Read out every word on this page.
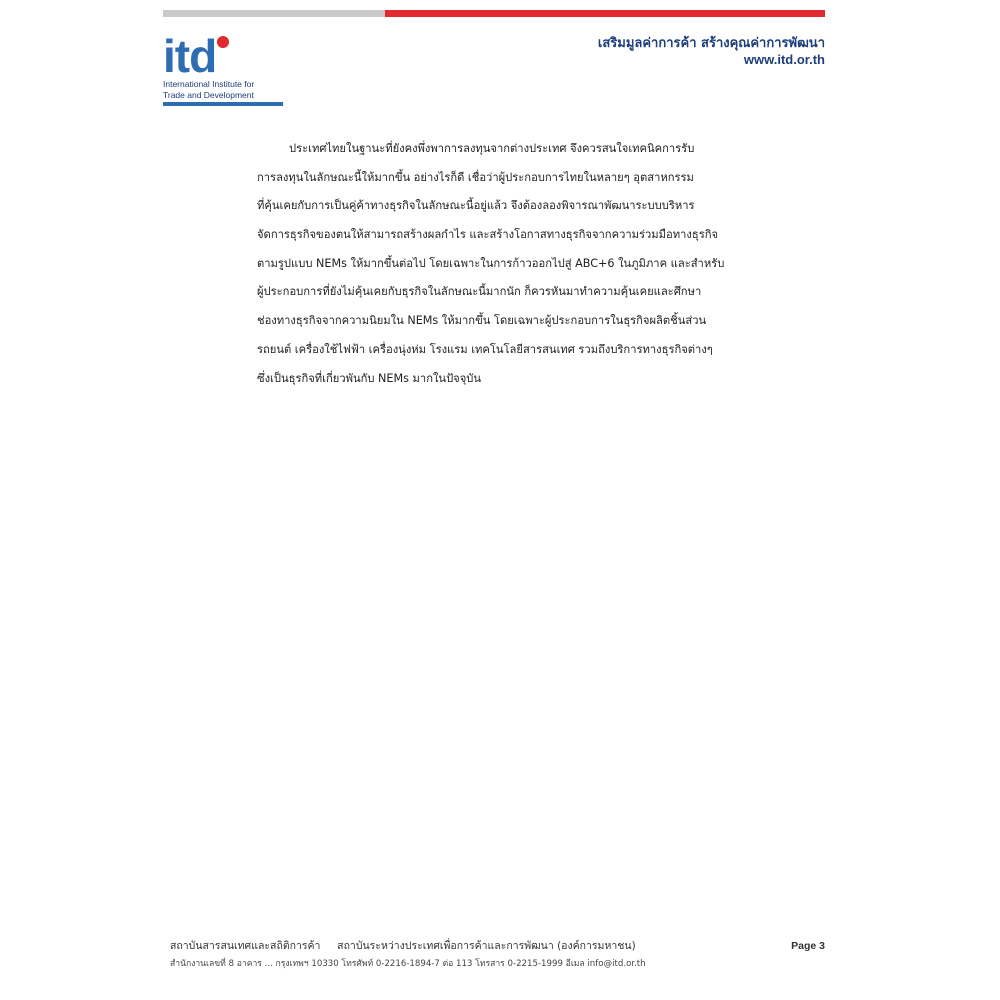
itd
International Institute for
Trade and Development
เสริมมูลค่าการค้า สร้างคุณค่าการพัฒนา
www.itd.or.th
ประเทศไทยในฐานะที่ยังคงพึ่งพาการลงทุนจากต่างประเทศ จึงควรสนใจเทคนิคการรับ
การลงทุนในลักษณะนี้ให้มากขึ้น อย่างไรก็ดี เชื่อว่าผู้ประกอบการไทยในหลายๆ อุตสาหกรรม
ที่คุ้นเคยกับการเป็นคู่ค้าทางธุรกิจในลักษณะนี้อยู่แล้ว จึงต้องลองพิจารณาพัฒนาระบบบริหาร
จัดการธุรกิจของตนให้สามารถสร้างผลกำไร และสร้างโอกาสทางธุรกิจจากความร่วมมือทางธุรกิจ
ตามรูปแบบ NEMs ให้มากขึ้นต่อไป โดยเฉพาะในการก้าวออกไปสู่ ABC+6 ในภูมิภาค และสำหรับ
ผู้ประกอบการที่ยังไม่คุ้นเคยกับธุรกิจในลักษณะนี้มากนัก ก็ควรหันมาทำความคุ้นเคยและศึกษา
ช่องทางธุรกิจจากความนิยมใน NEMs ให้มากขึ้น โดยเฉพาะผู้ประกอบการในธุรกิจผลิตชิ้นส่วน
รถยนต์ เครื่องใช้ไฟฟ้า เครื่องนุ่งห่ม โรงแรม เทคโนโลยีสารสนเทศ รวมถึงบริการทางธุรกิจต่างๆ
ซึ่งเป็นธุรกิจที่เกี่ยวพันกับ NEMs มากในปัจจุบัน
สถาบันสารสนเทศและสถิติการค้า สถาบันระหว่างประเทศเพื่อการค้าและการพัฒนา (องค์การมหาชน)	Page 3
สำนักงานเลขที่ 8 อาคาร ... กรุงเทพฯ 10330 โทรศัพท์ 0-2216-1894-7 ต่อ 113 โทรสาร 0-2215-1999 อีเมล info@itd.or.th
